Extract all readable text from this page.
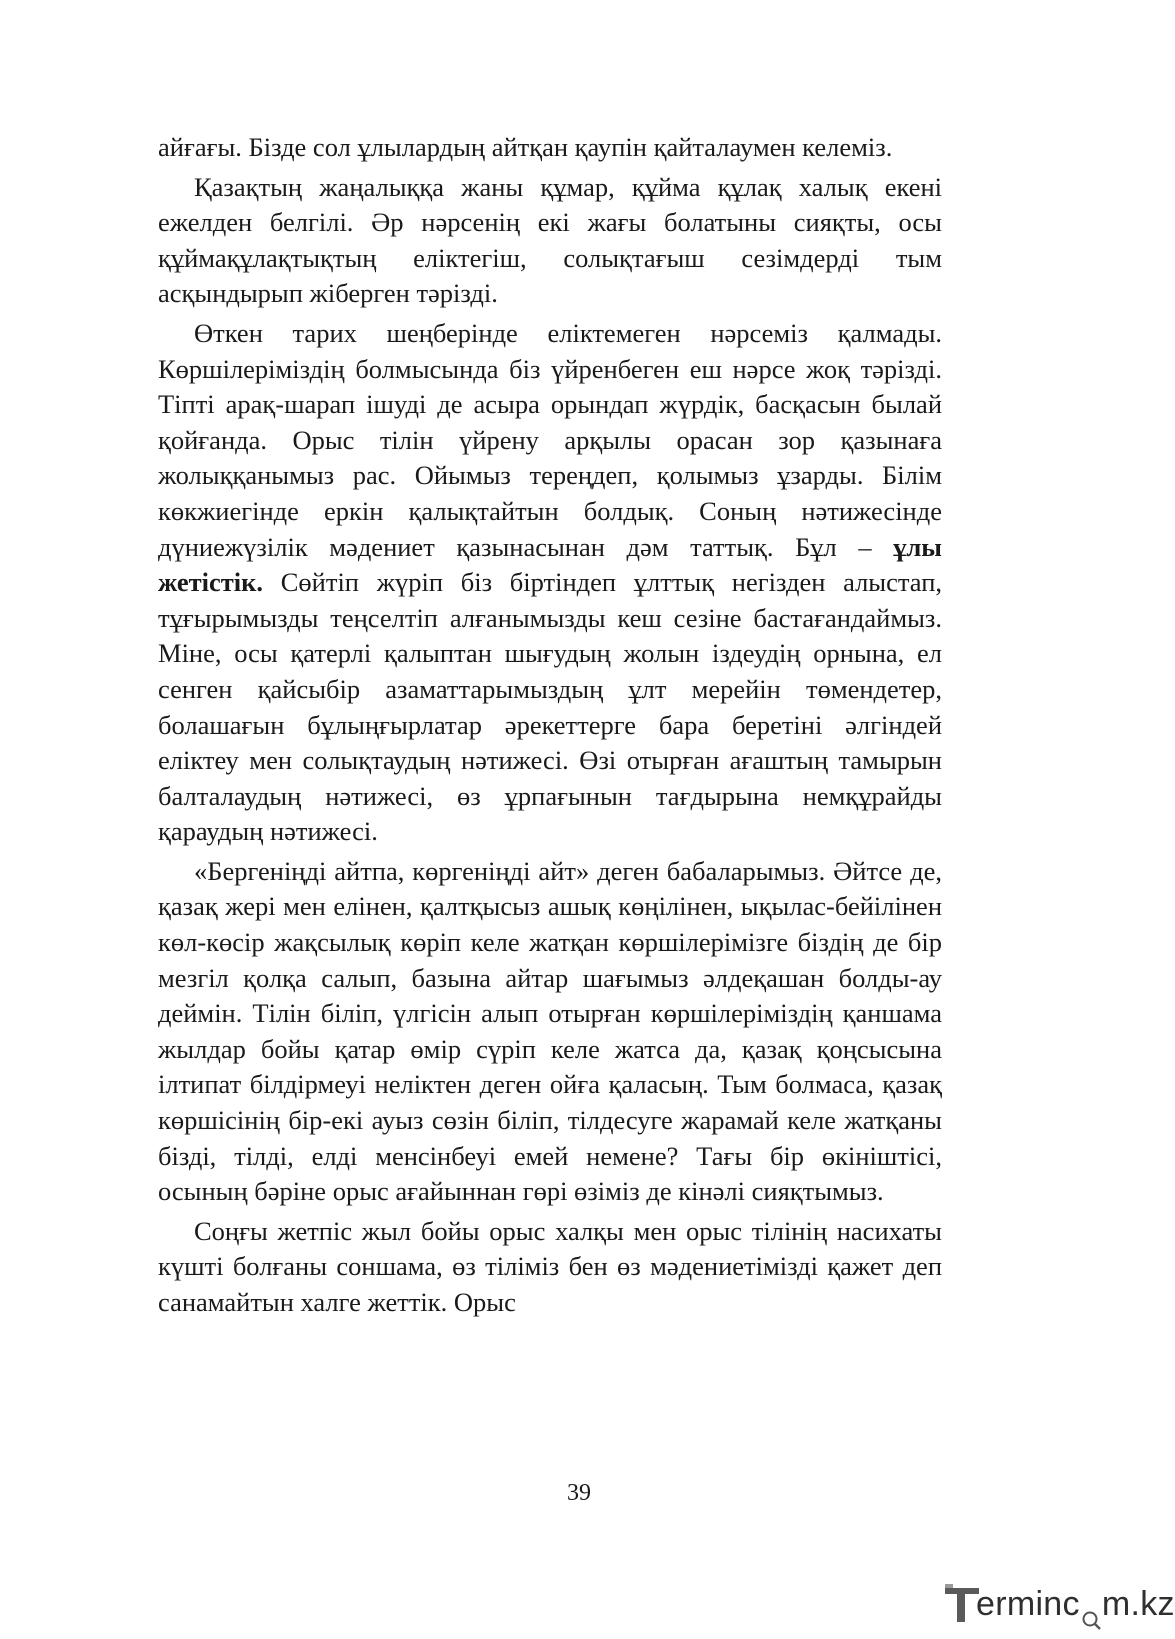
айғағы. Бізде сол ұлылардың айтқан қаупін қайталаумен келеміз.

Қазақтың жаңалыққа жаны құмар, құйма құлақ халық екені ежелден белгілі. Әр нәрсенің екі жағы болатыны сияқты, осы құймақұлақтықтың еліктегіш, солықтағыш сезімдерді тым асқындырып жіберген тәрізді.

Өткен тарих шеңберінде еліктемеген нәрсеміз қалмады. Көршілеріміздің болмысында біз үйренбеген еш нәрсе жоқ тәрізді. Тіпті арақ-шарап ішуді де асыра орындап жүрдік, басқасын былай қойғанда. Орыс тілін үйрену арқылы орасан зор қазынаға жолыққанымыз рас. Ойымыз тереңдеп, қолымыз ұзарды. Білім көкжиегінде еркін қалықтайтын болдық. Соның нәтижесінде дүниежүзілік мәдениет қазынасынан дәм таттық. Бұл – ұлы жетістік. Сөйтіп жүріп біз біртіндеп ұлттық негізден алыстап, тұғырымызды теңселтіп алғанымызды кеш сезіне бастағандаймыз. Міне, осы қатерлі қалыптан шығудың жолын іздеудің орнына, ел сенген қайсыбір азаматтарымыздың ұлт мерейін төмендетер, болашағын бұлыңғырлатар әрекеттерге бара беретіні әлгіндей еліктеу мен солықтаудың нәтижесі. Өзі отырған ағаштың тамырын балталаудың нәтижесі, өз ұрпағынын тағдырына немқұрайды қараудың нәтижесі.

«Бергеніңді айтпа, көргеніңді айт» деген бабаларымыз. Әйтсе де, қазақ жері мен елінен, қалтқысыз ашық көңілінен, ықылас-бейілінен көл-көсір жақсылық көріп келе жатқан көршілерімізге біздің де бір мезгіл қолқа салып, базына айтар шағымыз әлдеқашан болды-ау деймін. Тілін біліп, үлгісін алып отырған көршілеріміздің қаншама жылдар бойы қатар өмір сүріп келе жатса да, қазақ қоңсысына ілтипат білдірмеуі неліктен деген ойға қаласың. Тым болмаса, қазақ көршісінің бір-екі ауыз сөзін біліп, тілдесуге жарамай келе жатқаны бізді, тілді, елді менсінбеуі емей немене? Тағы бір өкініштісі, осының бәріне орыс ағайыннан гөрі өзіміз де кінәлі сияқтымыз.

Соңғы жетпіс жыл бойы орыс халқы мен орыс тілінің насихаты күшті болғаны соншама, өз тіліміз бен өз мәдениетімізді қажет деп санамайтын халге жеттік. Орыс

39
ermin c m.kz
